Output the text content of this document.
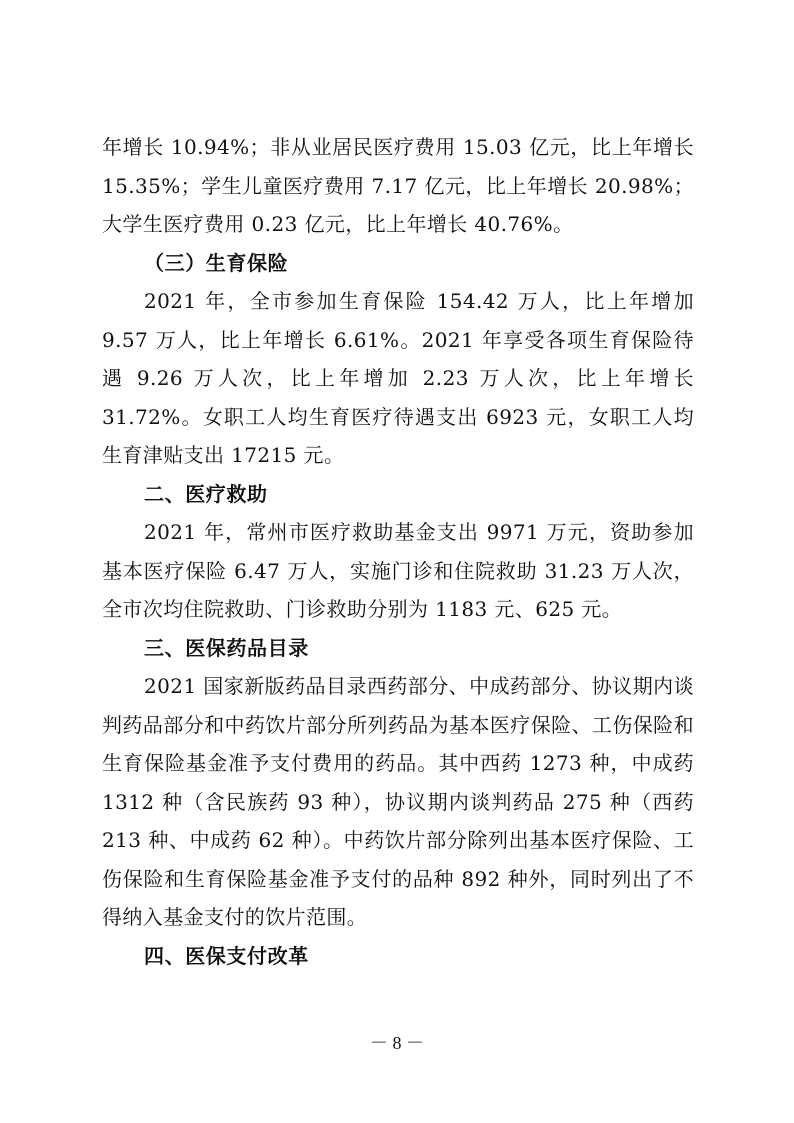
年增长 10.94%；非从业居民医疗费用 15.03 亿元，比上年增长15.35%；学生儿童医疗费用 7.17 亿元，比上年增长 20.98%；大学生医疗费用 0.23 亿元，比上年增长 40.76%。

（三）生育保险

2021 年，全市参加生育保险 154.42 万人，比上年增加 9.57 万人，比上年增长 6.61%。2021 年享受各项生育保险待遇 9.26 万人次，比上年增加 2.23 万人次，比上年增长 31.72%。女职工人均生育医疗待遇支出 6923 元，女职工人均生育津贴支出 17215 元。

二、医疗救助

2021 年，常州市医疗救助基金支出 9971 万元，资助参加基本医疗保险 6.47 万人，实施门诊和住院救助 31.23 万人次，全市次均住院救助、门诊救助分别为 1183 元、625 元。

三、医保药品目录

2021 国家新版药品目录西药部分、中成药部分、协议期内谈判药品部分和中药饮片部分所列药品为基本医疗保险、工伤保险和生育保险基金准予支付费用的药品。其中西药 1273 种，中成药 1312 种（含民族药 93 种），协议期内谈判药品 275 种（西药 213 种、中成药 62 种）。中药饮片部分除列出基本医疗保险、工伤保险和生育保险基金准予支付的品种 892 种外，同时列出了不得纳入基金支付的饮片范围。

四、医保支付改革

－ 8 －
